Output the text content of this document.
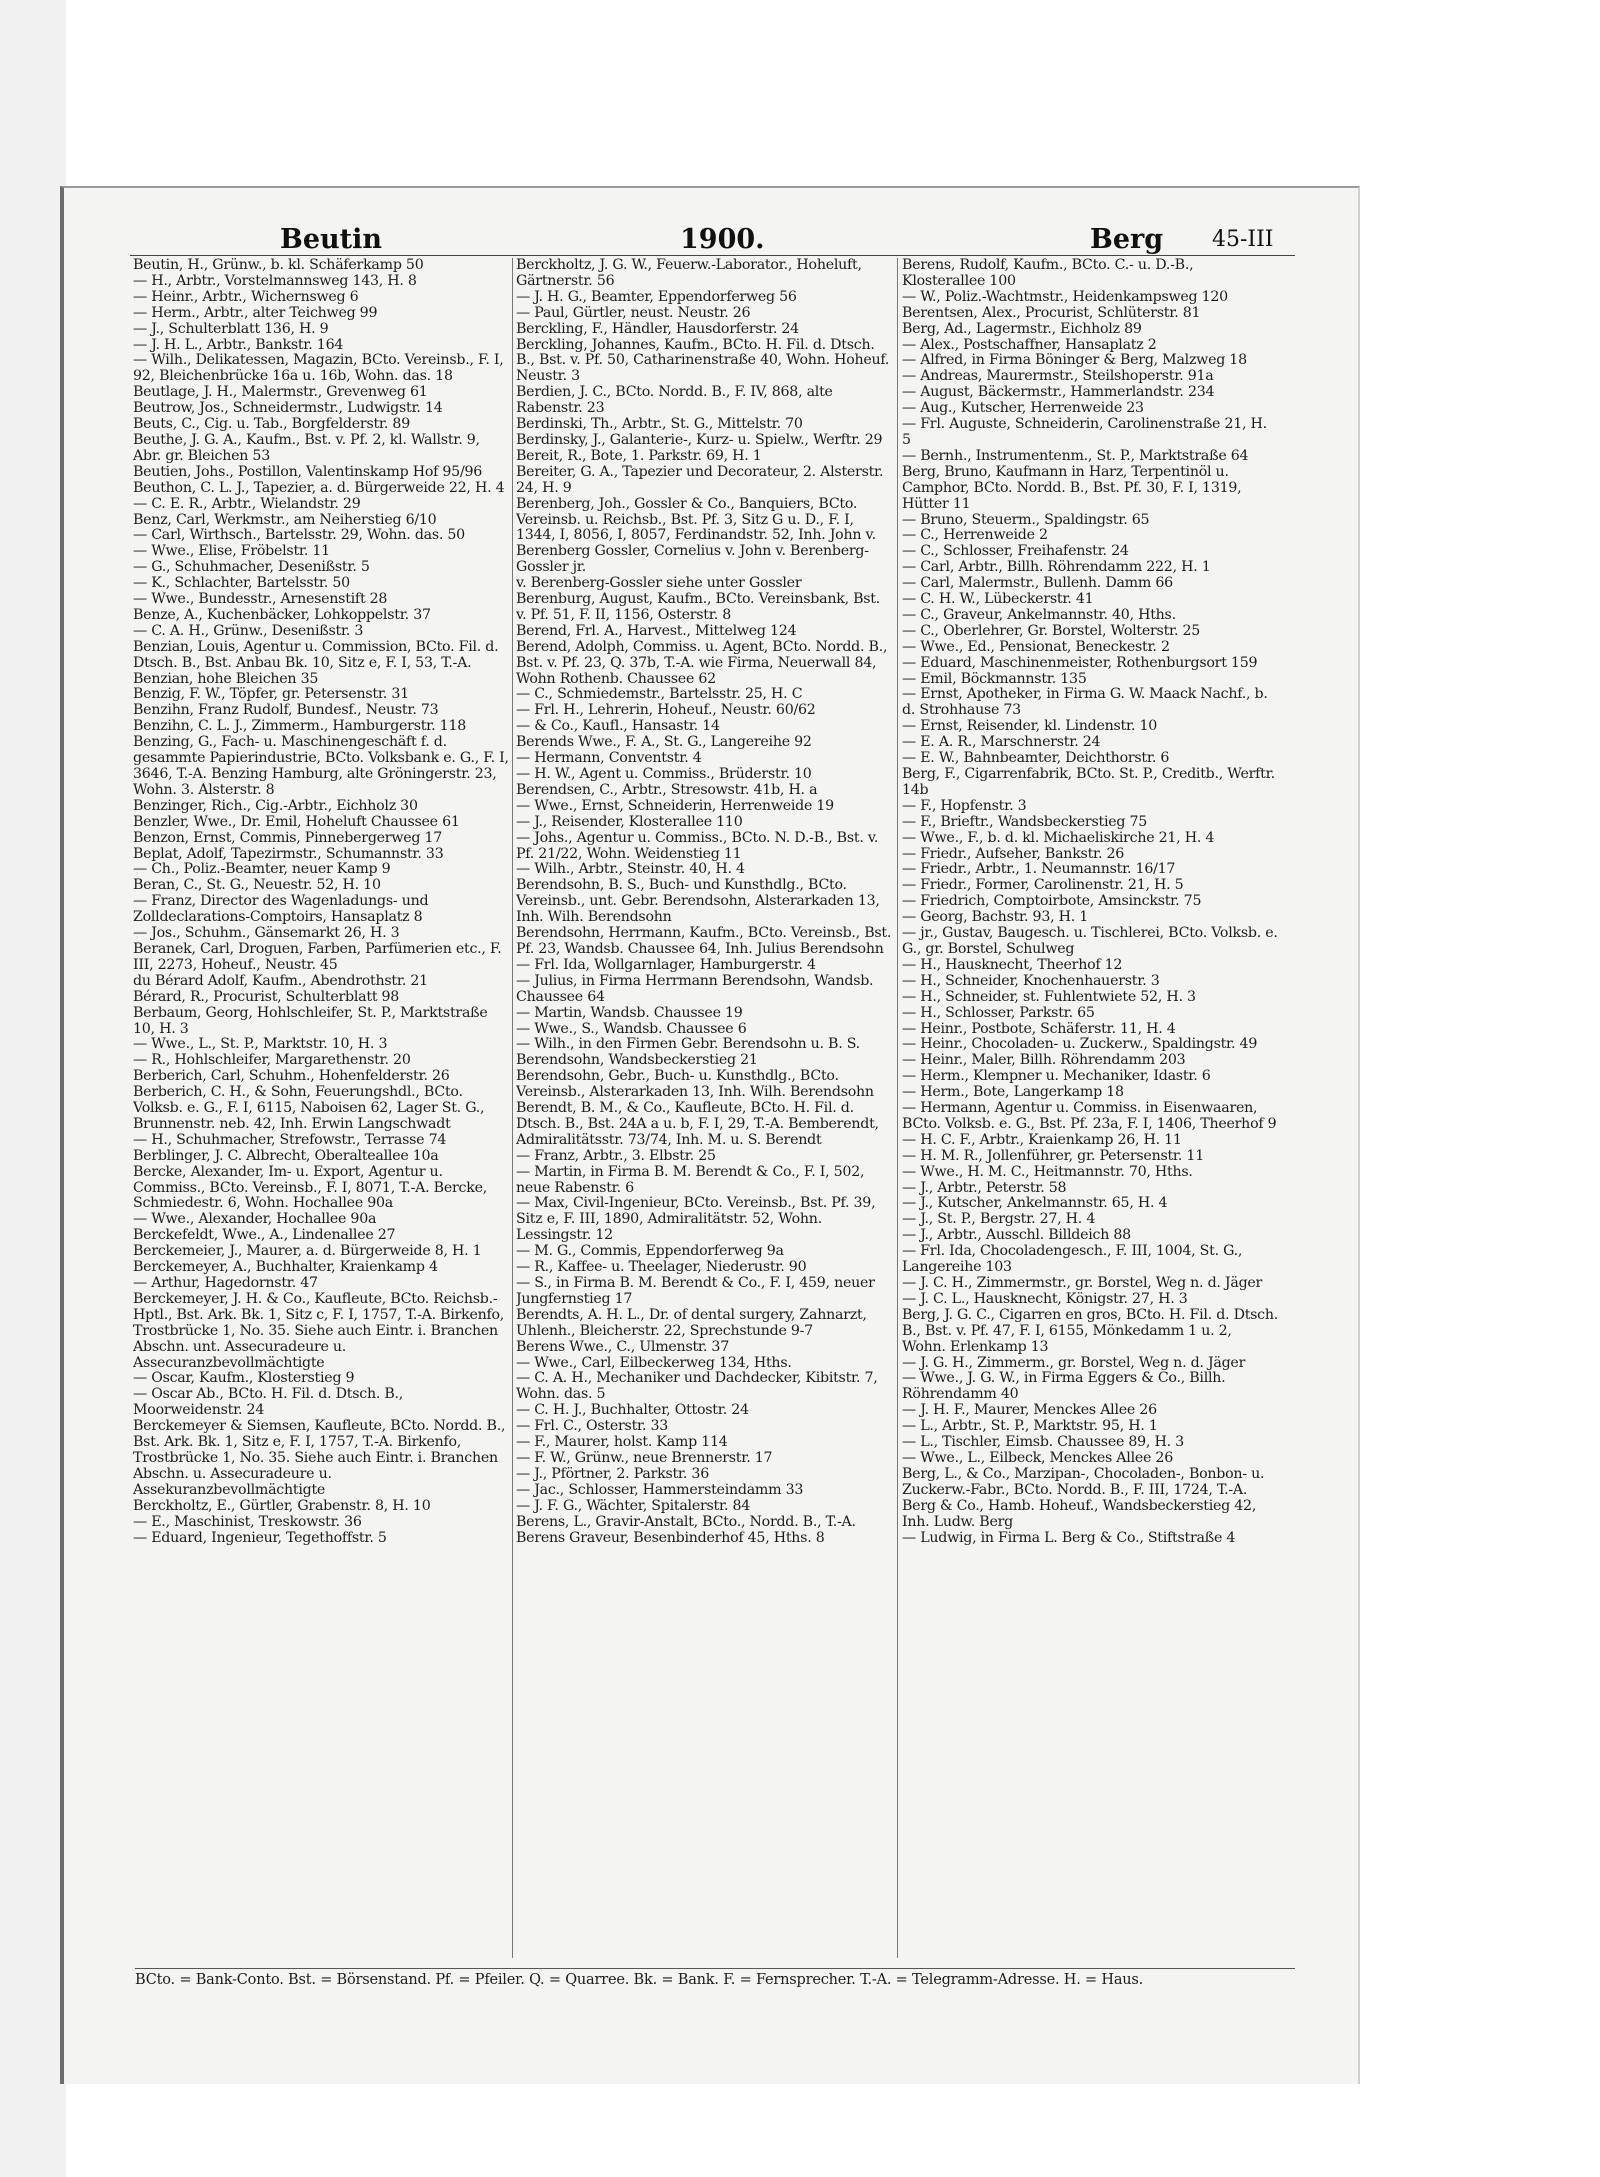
Beutin	1900.	Berg 45-III
Beutin, H., Grünw., b. kl. Schäferkamp 50
— H., Arbtr., Vorstelmannsweg 143, H. 8
— Heinr., Arbtr., Wichernsweg 6
— Herm., Arbtr., alter Teichweg 99
— J., Schulterblatt 136, H. 9
— J. H. L., Arbtr., Bankstr. 164
— Wilh., Delikatessen, Magazin, BCto. Vereinsb., F. I, 92, Bleichenbrücke 16a u. 16b, Wohn. das. 18
Beutlage, J. H., Malermstr., Grevenweg 61
Beutrow, Jos., Schneidermstr., Ludwigstr. 14
Beuts, C., Cig. u. Tab., Borgfelderstr. 89
Beuthe, J. G. A., Kaufm., Bst. v. Pf. 2, kl. Wallstr. 9, Abr. gr. Bleichen 53
Beutien, Johs., Postillon, Valentinskamp Hof 95/96
Beuthon, C. L. J., Tapezier, a. d. Bürgerweide 22, H. 4
— C. E. R., Arbtr., Wielandstr. 29
Benz, Carl, Werkmstr., am Neiherstieg 6/10
— Carl, Wirthsch., Bartelsstr. 29, Wohn. das. 50
— Wwe., Elise, Fröbelstr. 11
— G., Schuhmacher, Desenißstr. 5
— K., Schlachter, Bartelsstr. 50
— Wwe., Bundesstr., Arnesenstift 28
Benze, A., Kuchenbäcker, Lohkoppelstr. 37
— C. A. H., Grünw., Desenißstr. 3
Benzian, Louis, Agentur u. Commission, BCto. Fil. d. Dtsch. B., Bst. Anbau Bk. 10, Sitz e, F. I, 53, T.-A. Benzian, hohe Bleichen 35
Benzig, F. W., Töpfer, gr. Petersenstr. 31
Benzihn, Franz Rudolf, Bundesf., Neustr. 73
Benzihn, C. L. J., Zimmerm., Hamburgerstr. 118
Benzing, G., Fach- u. Maschinengeschäft f. d. gesammte Papierindustrie, BCto. Volksbank e. G., F. I, 3646, T.-A. Benzing Hamburg, alte Gröningerstr. 23, Wohn. 3. Alsterstr. 8
Benzinger, Rich., Cig.-Arbtr., Eichholz 30
Benzler, Wwe., Dr. Emil, Hoheluft Chaussee 61
Benzon, Ernst, Commis, Pinnebergerweg 17
Beplat, Adolf, Tapezirmstr., Schumannstr. 33
— Ch., Poliz.-Beamter, neuer Kamp 9
Beran, C., St. G., Neuestr. 52, H. 10
— Franz, Director des Wagenladungs- und Zolldeclarations-Comptoirs, Hansaplatz 8
— Jos., Schuhm., Gänsemarkt 26, H. 3
Beranek, Carl, Droguen, Farben, Parfümerien etc., F. III, 2273, Hoheuf., Neustr. 45
du Bérard Adolf, Kaufm., Abendrothstr. 21
Bérard, R., Procurist, Schulterblatt 98
Berbaum, Georg, Hohlschleifer, St. P., Marktstraße 10, H. 3
— Wwe., L., St. P., Marktstr. 10, H. 3
— R., Hohlschleifer, Margarethenstr. 20
Berberich, Carl, Schuhm., Hohenfelderstr. 26
Berberich, C. H., & Sohn, Feuerungshdl., BCto. Volksb. e. G., F. I, 6115, Naboisen 62, Lager St. G., Brunnenstr. neb. 42, Inh. Erwin Langschwadt
— H., Schuhmacher, Strefowstr., Terrasse 74
Berblinger, J. C. Albrecht, Oberalteallee 10a
Bercke, Alexander, Im- u. Export, Agentur u. Commiss., BCto. Vereinsb., F. I, 8071, T.-A. Bercke, Schmiedestr. 6, Wohn. Hochallee 90a
— Wwe., Alexander, Hochallee 90a
Berckefeldt, Wwe., A., Lindenallee 27
Berckemeier, J., Maurer, a. d. Bürgerweide 8, H. 1
Berckemeyer, A., Buchhalter, Kraienkamp 4
— Arthur, Hagedornstr. 47
Berckemeyer, J. H. & Co., Kaufleute, BCto. Reichsb.-Hptl., Bst. Ark. Bk. 1, Sitz c, F. I, 1757, T.-A. Birkenfo, Trostbrücke 1, No. 35. Siehe auch Eintr. i. Branchen Abschn. unt. Assecuradeure u. Assecuranzbevollmächtigte
— Oscar, Kaufm., Klosterstieg 9
— Oscar Ab., BCto. H. Fil. d. Dtsch. B., Moorweidenstr. 24
Berckemeyer & Siemsen, Kaufleute, BCto. Nordd. B., Bst. Ark. Bk. 1, Sitz e, F. I, 1757, T.-A. Birkenfo, Trostbrücke 1, No. 35. Siehe auch Eintr. i. Branchen Abschn. u. Assecuradeure u. Assekuranzbevollmächtigte
Berckholtz, E., Gürtler, Grabenstr. 8, H. 10
— E., Maschinist, Treskowstr. 36
— Eduard, Ingenieur, Tegethoffstr. 5
Berckholtz, J. G. W., Feuerw.-Laborator., Hoheluft, Gärtnerstr. 56
— J. H. G., Beamter, Eppendorferweg 56
— Paul, Gürtler, neust. Neustr. 26
Berckling, F., Händler, Hausdorferstr. 24
Berckling, Johannes, Kaufm., BCto. H. Fil. d. Dtsch. B., Bst. v. Pf. 50, Catharinenstraße 40, Wohn. Hoheuf. Neustr. 3
Berdien, J. C., BCto. Nordd. B., F. IV, 868, alte Rabenstr. 23
Berdinski, Th., Arbtr., St. G., Mittelstr. 70
Berdinsky, J., Galanterie-, Kurz- u. Spielw., Werftr. 29
Bereit, R., Bote, 1. Parkstr. 69, H. 1
Bereiter, G. A., Tapezier und Decorateur, 2. Alsterstr. 24, H. 9
Berenberg, Joh., Gossler & Co., Banquiers, BCto. Vereinsb. u. Reichsb., Bst. Pf. 3, Sitz G u. D., F. I, 1344, I, 8056, I, 8057, Ferdinandstr. 52, Inh. John v. Berenberg Gossler, Cornelius v. John v. Berenberg-Gossler jr.
v. Berenberg-Gossler siehe unter Gossler
Berenburg, August, Kaufm., BCto. Vereinsbank, Bst. v. Pf. 51, F. II, 1156, Osterstr. 8
Berend, Frl. A., Harvest., Mittelweg 124
Berend, Adolph, Commiss. u. Agent, BCto. Nordd. B., Bst. v. Pf. 23, Q. 37b, T.-A. wie Firma, Neuerwall 84, Wohn Rothenb. Chaussee 62
— C., Schmiedemstr., Bartelsstr. 25, H. C
— Frl. H., Lehrerin, Hoheuf., Neustr. 60/62
— & Co., Kaufl., Hansastr. 14
Berends Wwe., F. A., St. G., Langereihe 92
— Hermann, Conventstr. 4
— H. W., Agent u. Commiss., Brüderstr. 10
Berendsen, C., Arbtr., Stresowstr. 41b, H. a
— Wwe., Ernst, Schneiderin, Herrenweide 19
— J., Reisender, Klosterallee 110
— Johs., Agentur u. Commiss., BCto. N. D.-B., Bst. v. Pf. 21/22, Wohn. Weidenstieg 11
— Wilh., Arbtr., Steinstr. 40, H. 4
Berendsohn, B. S., Buch- und Kunsthdlg., BCto. Vereinsb., unt. Gebr. Berendsohn, Alsterarkaden 13, Inh. Wilh. Berendsohn
Berendsohn, Herrmann, Kaufm., BCto. Vereinsb., Bst. Pf. 23, Wandsb. Chaussee 64, Inh. Julius Berendsohn
— Frl. Ida, Wollgarnlager, Hamburgerstr. 4
— Julius, in Firma Herrmann Berendsohn, Wandsb. Chaussee 64
— Martin, Wandsb. Chaussee 19
— Wwe., S., Wandsb. Chaussee 6
— Wilh., in den Firmen Gebr. Berendsohn u. B. S. Berendsohn, Wandsbeckerstieg 21
Berendsohn, Gebr., Buch- u. Kunsthdlg., BCto. Vereinsb., Alsterarkaden 13, Inh. Wilh. Berendsohn
Berendt, B. M., & Co., Kaufleute, BCto. H. Fil. d. Dtsch. B., Bst. 24A a u. b, F. I, 29, T.-A. Bemberendt, Admiralitätsstr. 73/74, Inh. M. u. S. Berendt
— Franz, Arbtr., 3. Elbstr. 25
— Martin, in Firma B. M. Berendt & Co., F. I, 502, neue Rabenstr. 6
— Max, Civil-Ingenieur, BCto. Vereinsb., Bst. Pf. 39, Sitz e, F. III, 1890, Admiralitätstr. 52, Wohn. Lessingstr. 12
— M. G., Commis, Eppendorferweg 9a
— R., Kaffee- u. Theelager, Niederustr. 90
— S., in Firma B. M. Berendt & Co., F. I, 459, neuer Jungfernstieg 17
Berendts, A. H. L., Dr. of dental surgery, Zahnarzt, Uhlenh., Bleicherstr. 22, Sprechstunde 9-7
Berens Wwe., C., Ulmenstr. 37
— Wwe., Carl, Eilbeckerweg 134, Hths.
— C. A. H., Mechaniker und Dachdecker, Kibitstr. 7, Wohn. das. 5
— C. H. J., Buchhalter, Ottostr. 24
— Frl. C., Osterstr. 33
— F., Maurer, holst. Kamp 114
— F. W., Grünw., neue Brennerstr. 17
— J., Pförtner, 2. Parkstr. 36
— Jac., Schlosser, Hammersteindamm 33
— J. F. G., Wächter, Spitalerstr. 84
Berens, L., Gravir-Anstalt, BCto., Nordd. B., T.-A. Berens Graveur, Besenbinderhof 45, Hths. 8
Berens, Rudolf, Kaufm., BCto. C.- u. D.-B., Klosterallee 100
— W., Poliz.-Wachtmstr., Heidenkampsweg 120
Berentsen, Alex., Procurist, Schlüterstr. 81
Berg, Ad., Lagermstr., Eichholz 89
— Alex., Postschaffner, Hansaplatz 2
— Alfred, in Firma Böninger & Berg, Malzweg 18
— Andreas, Maurermstr., Steilshoperstr. 91a
— August, Bäckermstr., Hammerlandstr. 234
— Aug., Kutscher, Herrenweide 23
— Frl. Auguste, Schneiderin, Carolinenstraße 21, H. 5
— Bernh., Instrumentenm., St. P., Marktstraße 64
Berg, Bruno, Kaufmann in Harz, Terpentinöl u. Camphor, BCto. Nordd. B., Bst. Pf. 30, F. I, 1319, Hütter 11
— Bruno, Steuerm., Spaldingstr. 65
— C., Herrenweide 2
— C., Schlosser, Freihafenstr. 24
— Carl, Arbtr., Billh. Röhrendamm 222, H. 1
— Carl, Malermstr., Bullenh. Damm 66
— C. H. W., Lübeckerstr. 41
— C., Graveur, Ankelmannstr. 40, Hths.
— C., Oberlehrer, Gr. Borstel, Wolterstr. 25
— Wwe., Ed., Pensionat, Beneckestr. 2
— Eduard, Maschinenmeister, Rothenburgsort 159
— Emil, Böckmannstr. 135
— Ernst, Apotheker, in Firma G. W. Maack Nachf., b. d. Strohhause 73
— Ernst, Reisender, kl. Lindenstr. 10
— E. A. R., Marschnerstr. 24
— E. W., Bahnbeamter, Deichthorstr. 6
Berg, F., Cigarrenfabrik, BCto. St. P., Creditb., Werftr. 14b
— F., Hopfenstr. 3
— F., Brieftr., Wandsbeckerstieg 75
— Wwe., F., b. d. kl. Michaeliskirche 21, H. 4
— Friedr., Aufseher, Bankstr. 26
— Friedr., Arbtr., 1. Neumannstr. 16/17
— Friedr., Former, Carolinenstr. 21, H. 5
— Friedrich, Comptoirbote, Amsinckstr. 75
— Georg, Bachstr. 93, H. 1
— jr., Gustav, Baugesch. u. Tischlerei, BCto. Volksb. e. G., gr. Borstel, Schulweg
— H., Hausknecht, Theerhof 12
— H., Schneider, Knochenhauerstr. 3
— H., Schneider, st. Fuhlentwiete 52, H. 3
— H., Schlosser, Parkstr. 65
— Heinr., Postbote, Schäferstr. 11, H. 4
— Heinr., Chocoladen- u. Zuckerw., Spaldingstr. 49
— Heinr., Maler, Billh. Röhrendamm 203
— Herm., Klempner u. Mechaniker, Idastr. 6
— Herm., Bote, Langerkamp 18
— Hermann, Agentur u. Commiss. in Eisenwaaren, BCto. Volksb. e. G., Bst. Pf. 23a, F. I, 1406, Theerhof 9
— H. C. F., Arbtr., Kraienkamp 26, H. 11
— H. M. R., Jollenführer, gr. Petersenstr. 11
— Wwe., H. M. C., Heitmannstr. 70, Hths.
— J., Arbtr., Peterstr. 58
— J., Kutscher, Ankelmannstr. 65, H. 4
— J., St. P., Bergstr. 27, H. 4
— J., Arbtr., Ausschl. Billdeich 88
— Frl. Ida, Chocoladengesch., F. III, 1004, St. G., Langereihe 103
— J. C. H., Zimmermstr., gr. Borstel, Weg n. d. Jäger
— J. C. L., Hausknecht, Königstr. 27, H. 3
Berg, J. G. C., Cigarren en gros, BCto. H. Fil. d. Dtsch. B., Bst. v. Pf. 47, F. I, 6155, Mönkedamm 1 u. 2, Wohn. Erlenkamp 13
— J. G. H., Zimmerm., gr. Borstel, Weg n. d. Jäger
— Wwe., J. G. W., in Firma Eggers & Co., Billh. Röhrendamm 40
— J. H. F., Maurer, Menckes Allee 26
— L., Arbtr., St. P., Marktstr. 95, H. 1
— L., Tischler, Eimsb. Chaussee 89, H. 3
— Wwe., L., Eilbeck, Menckes Allee 26
Berg, L., & Co., Marzipan-, Chocoladen-, Bonbon- u. Zuckerw.-Fabr., BCto. Nordd. B., F. III, 1724, T.-A. Berg & Co., Hamb. Hoheuf., Wandsbeckerstieg 42, Inh. Ludw. Berg
— Ludwig, in Firma L. Berg & Co., Stiftstraße 4
BCto. = Bank-Conto. Bst. = Börsenstand. Pf. = Pfeiler. Q. = Quarree. Bk. = Bank. F. = Fernsprecher. T.-A. = Telegramm-Adresse. H. = Haus.
